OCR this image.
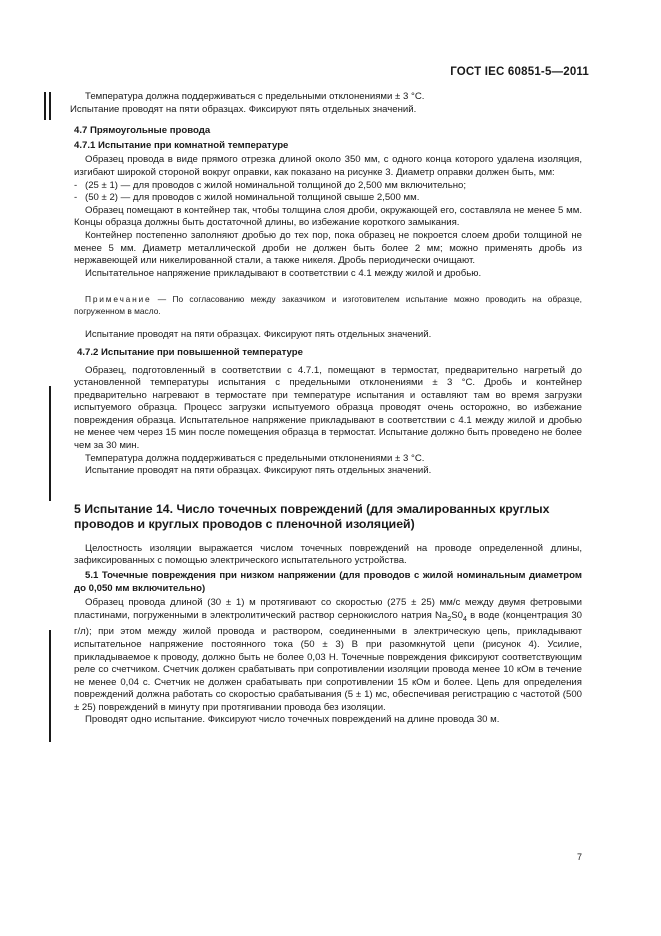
ГОСТ IEC 60851-5—2011

Температура должна поддерживаться с предельными отклонениями ± 3 °С.

Испытание проводят на пяти образцах. Фиксируют пять отдельных значений.

4.7 Прямоугольные провода

4.7.1 Испытание при комнатной температуре

Образец провода в виде прямого отрезка длиной около 350 мм, с одного конца которого удалена изоляция, изгибают широкой стороной вокруг оправки, как показано на рисунке 3. Диаметр оправки должен быть, мм:

- (25 ± 1) — для проводов с жилой номинальной толщиной до 2,500 мм включительно;
- (50 ± 2) — для проводов с жилой номинальной толщиной свыше 2,500 мм.

Образец помещают в контейнер так, чтобы толщина слоя дроби, окружающей его, составляла не менее 5 мм. Концы образца должны быть достаточной длины, во избежание короткого замыкания.

Контейнер постепенно заполняют дробью до тех пор, пока образец не покроется слоем дроби толщиной не менее 5 мм. Диаметр металлической дроби не должен быть более 2 мм; можно применять дробь из нержавеющей или никелированной стали, а также никеля. Дробь периодически очищают.

Испытательное напряжение прикладывают в соответствии с 4.1 между жилой и дробью.

Примечание — По согласованию между заказчиком и изготовителем испытание можно проводить на образце, погруженном в масло.

Испытание проводят на пяти образцах. Фиксируют пять отдельных значений.

4.7.2 Испытание при повышенной температуре

Образец, подготовленный в соответствии с 4.7.1, помещают в термостат, предварительно нагретый до установленной температуры испытания с предельными отклонениями ± 3 °С. Дробь и контейнер предварительно нагревают в термостате при температуре испытания и оставляют там во время загрузки испытуемого образца. Процесс загрузки испытуемого образца проводят очень осторожно, во избежание повреждения образца. Испытательное напряжение прикладывают в соответствии с 4.1 между жилой и дробью не менее чем через 15 мин после помещения образца в термостат. Испытание должно быть проведено не более чем за 30 мин.

Температура должна поддерживаться с предельными отклонениями ± 3 °С.

Испытание проводят на пяти образцах. Фиксируют пять отдельных значений.

5 Испытание 14. Число точечных повреждений (для эмалированных круглых проводов и круглых проводов с пленочной изоляцией)

Целостность изоляции выражается числом точечных повреждений на проводе определенной длины, зафиксированных с помощью электрического испытательного устройства.

5.1 Точечные повреждения при низком напряжении (для проводов с жилой номинальным диаметром до 0,050 мм включительно)

Образец провода длиной (30 ± 1) м протягивают со скоростью (275 ± 25) мм/с между двумя фетровыми пластинами, погруженными в электролитический раствор сернокислого натрия $Na_2S0_4$ в воде (концентрация 30 г/л); при этом между жилой провода и раствором, соединенными в электрическую цепь, прикладывают испытательное напряжение постоянного тока (50 ± 3) В при разомкнутой цепи (рисунок 4). Усилие, прикладываемое к проводу, должно быть не более 0,03 Н. Точечные повреждения фиксируют соответствующим реле со счетчиком. Счетчик должен срабатывать при сопротивлении изоляции провода менее 10 кОм в течение не менее 0,04 с. Счетчик не должен срабатывать при сопротивлении 15 кОм и более. Цепь для определения повреждений должна работать со скоростью срабатывания (5 ± 1) мс, обеспечивая регистрацию с частотой (500 ± 25) повреждений в минуту при протягивании провода без изоляции.

Проводят одно испытание. Фиксируют число точечных повреждений на длине провода 30 м.

7
